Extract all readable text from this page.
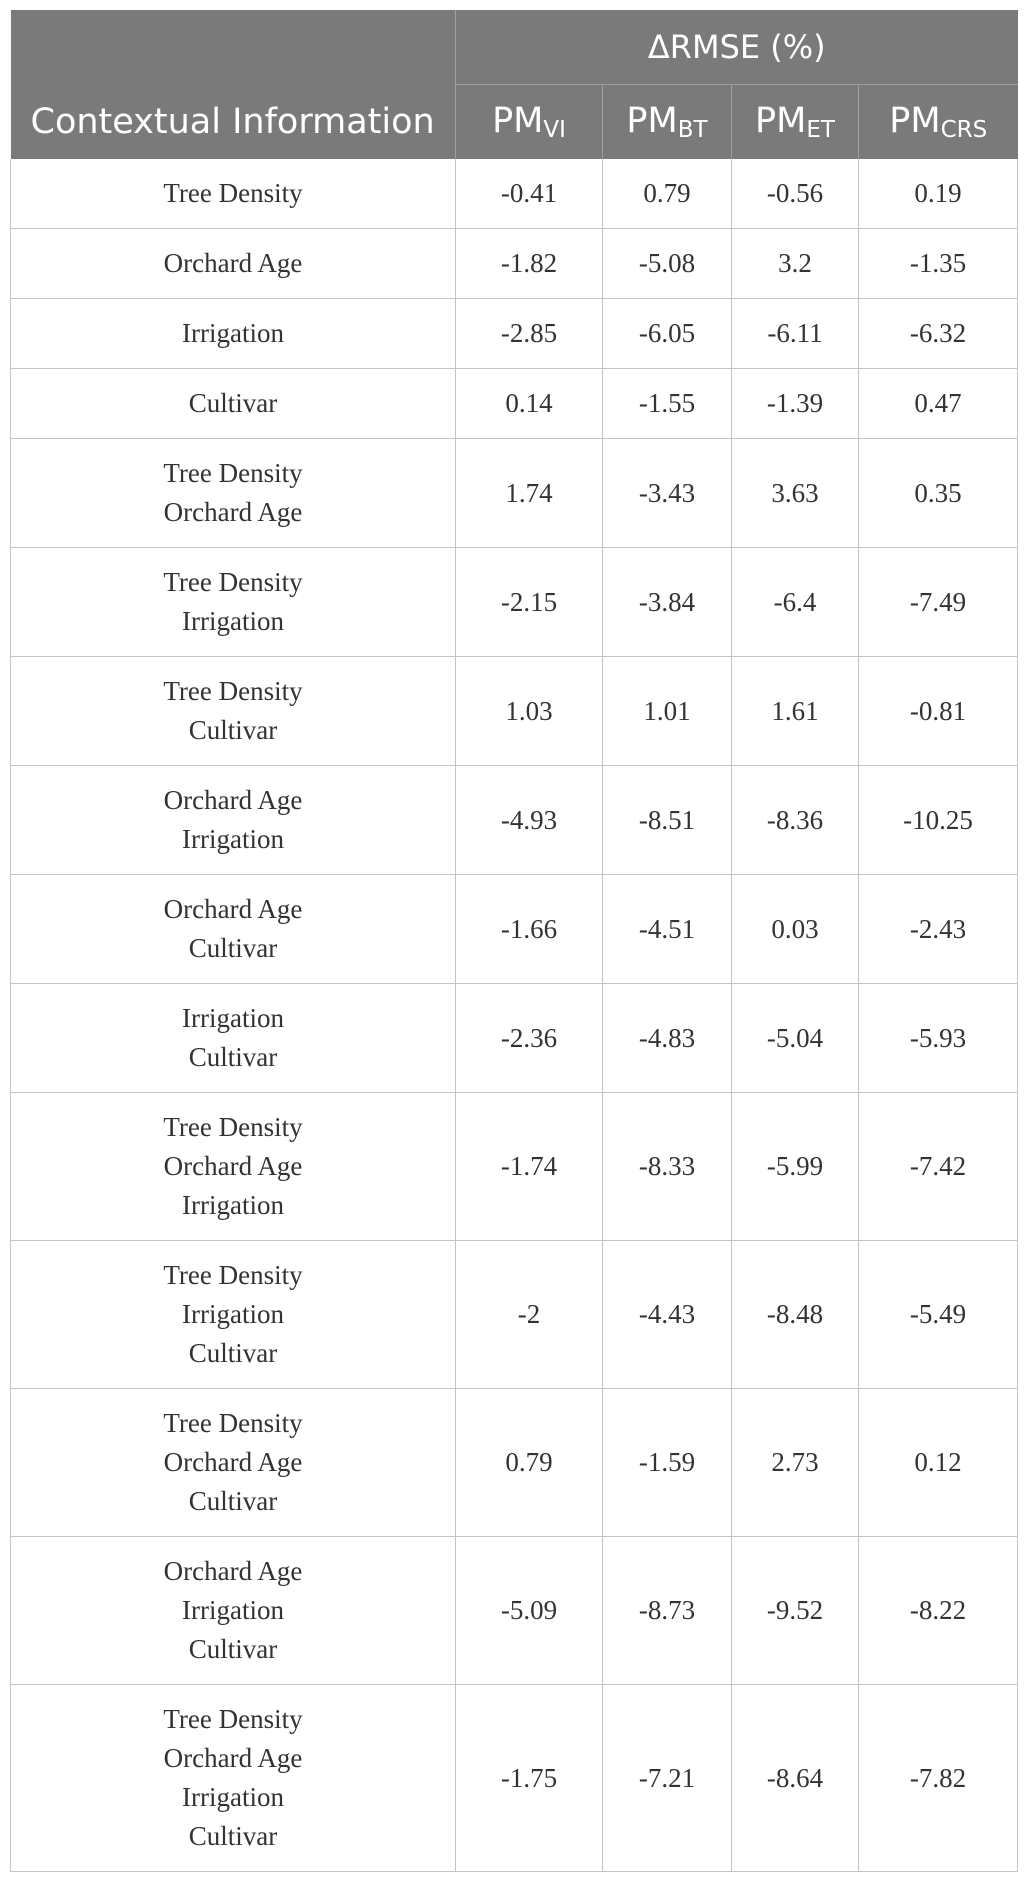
	ΔRMSE (%)			
Contextual Information	$PM_{VI}$	$PM_{BT}$	$PM_{ET}$	$PM_{CRS}$

Tree Density	-0.41	0.79	-0.56	0.19

Orchard Age	-1.82	-5.08	3.2	-1.35

Irrigation	-2.85	-6.05	-6.11	-6.32

Cultivar	0.14	-1.55	-1.39	0.47

Tree Density
Orchard Age	1.74	-3.43	3.63	0.35

Tree Density
Irrigation	-2.15	-3.84	-6.4	-7.49

Tree Density
Cultivar	1.03	1.01	1.61	-0.81

Orchard Age
Irrigation	-4.93	-8.51	-8.36	-10.25

Orchard Age
Cultivar	-1.66	-4.51	0.03	-2.43

Irrigation
Cultivar	-2.36	-4.83	-5.04	-5.93

Tree Density
Orchard Age
Irrigation	-1.74	-8.33	-5.99	-7.42

Tree Density
Irrigation
Cultivar	-2	-4.43	-8.48	-5.49

Tree Density
Orchard Age
Cultivar	0.79	-1.59	2.73	0.12

Orchard Age
Irrigation
Cultivar	-5.09	-8.73	-9.52	-8.22

Tree Density
Orchard Age
Irrigation
Cultivar	-1.75	-7.21	-8.64	-7.82
